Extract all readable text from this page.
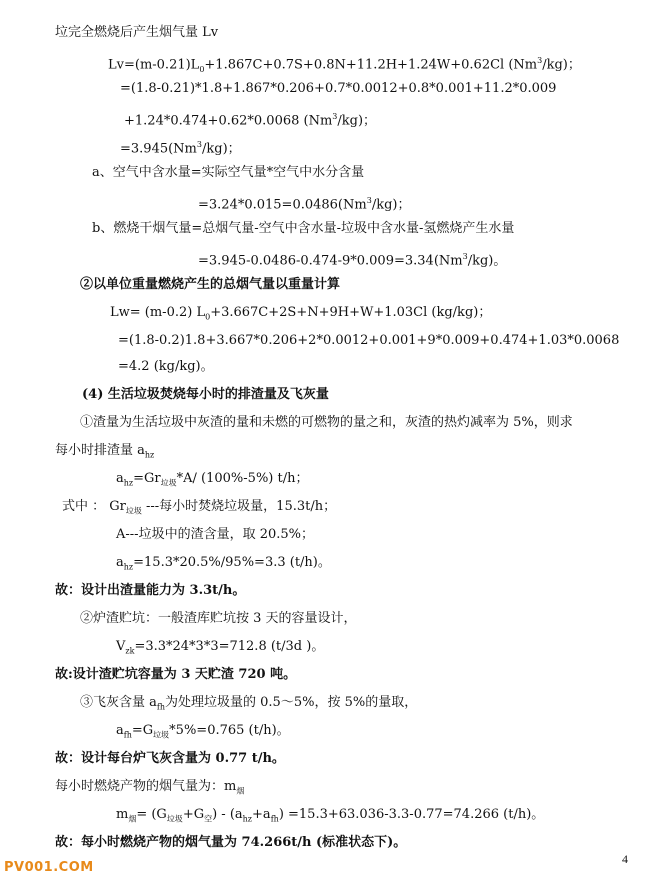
垃完全燃烧后产生烟气量 Lv
$Lv=(m-0.21)L_0+1.867C+0.7S+0.8N+11.2H+1.24W+0.62Cl$ (Nm$^3$/kg)；
=(1.8-0.21)*1.8+1.867*0.206+0.7*0.0012+0.8*0.001+11.2*0.009
+1.24*0.474+0.62*0.0068 (Nm$^3$/kg)；
$=3.945(Nm^3/kg)$；
a、空气中含水量=实际空气量*空气中水分含量
$=3.24*0.015=0.0486(Nm^3/kg)$；
b、燃烧干烟气量=总烟气量-空气中含水量-垃圾中含水量-氢燃烧产生水量
$=3.945-0.0486-0.474-9*0.009=3.34(Nm^3/kg)$。
②以单位重量燃烧产生的总烟气量以重量计算
Lw= (m-0.2) $L_0+3.667C+2S+N+9H+W+1.03Cl$ (kg/kg)；
=(1.8-0.2)1.8+3.667*0.206+2*0.0012+0.001+9*0.009+0.474+1.03*0.0068
=4.2 (kg/kg)。
(4) 生活垃圾焚烧每小时的排渣量及飞灰量
①渣量为生活垃圾中灰渣的量和未燃的可燃物的量之和，灰渣的热灼减率为 5%，则求
每小时排渣量 $a_{hz}$
$a_{hz}=Gr_{垃圾}*A/$ (100%-5%) t/h；
式中 ： $Gr_{垃圾}$ ---每小时焚烧垃圾量，15.3t/h；
A---垃圾中的渣含量，取 20.5%；
$a_{hz}=15.3*20.5\%/95\%=3.3$ (t/h)。
故：设计出渣量能力为 3.3t/h。
②炉渣贮坑：一般渣库贮坑按 3 天的容量设计，
$V_{zk}=3.3*24*3*3=712.8$ (t/3d )。
故:设计渣贮坑容量为 3 天贮渣 720 吨。
③飞灰含量 $a_{fh}$为处理垃圾量的 0.5～5%，按 5%的量取，
$a_{fh}=G_{垃圾}*5\%=0.765$ (t/h)。
故：设计每台炉飞灰含量为 0.77 t/h。
每小时燃烧产物的烟气量为：$m_烟$
$m_烟= (G_{垃圾}+G_空) - (a_{hz}+a_{fh}) =15.3+63.036-3.3-0.77=74.266$ (t/h)。
故：每小时燃烧产物的烟气量为 74.266t/h (标准状态下)。
PV001.COM
4
